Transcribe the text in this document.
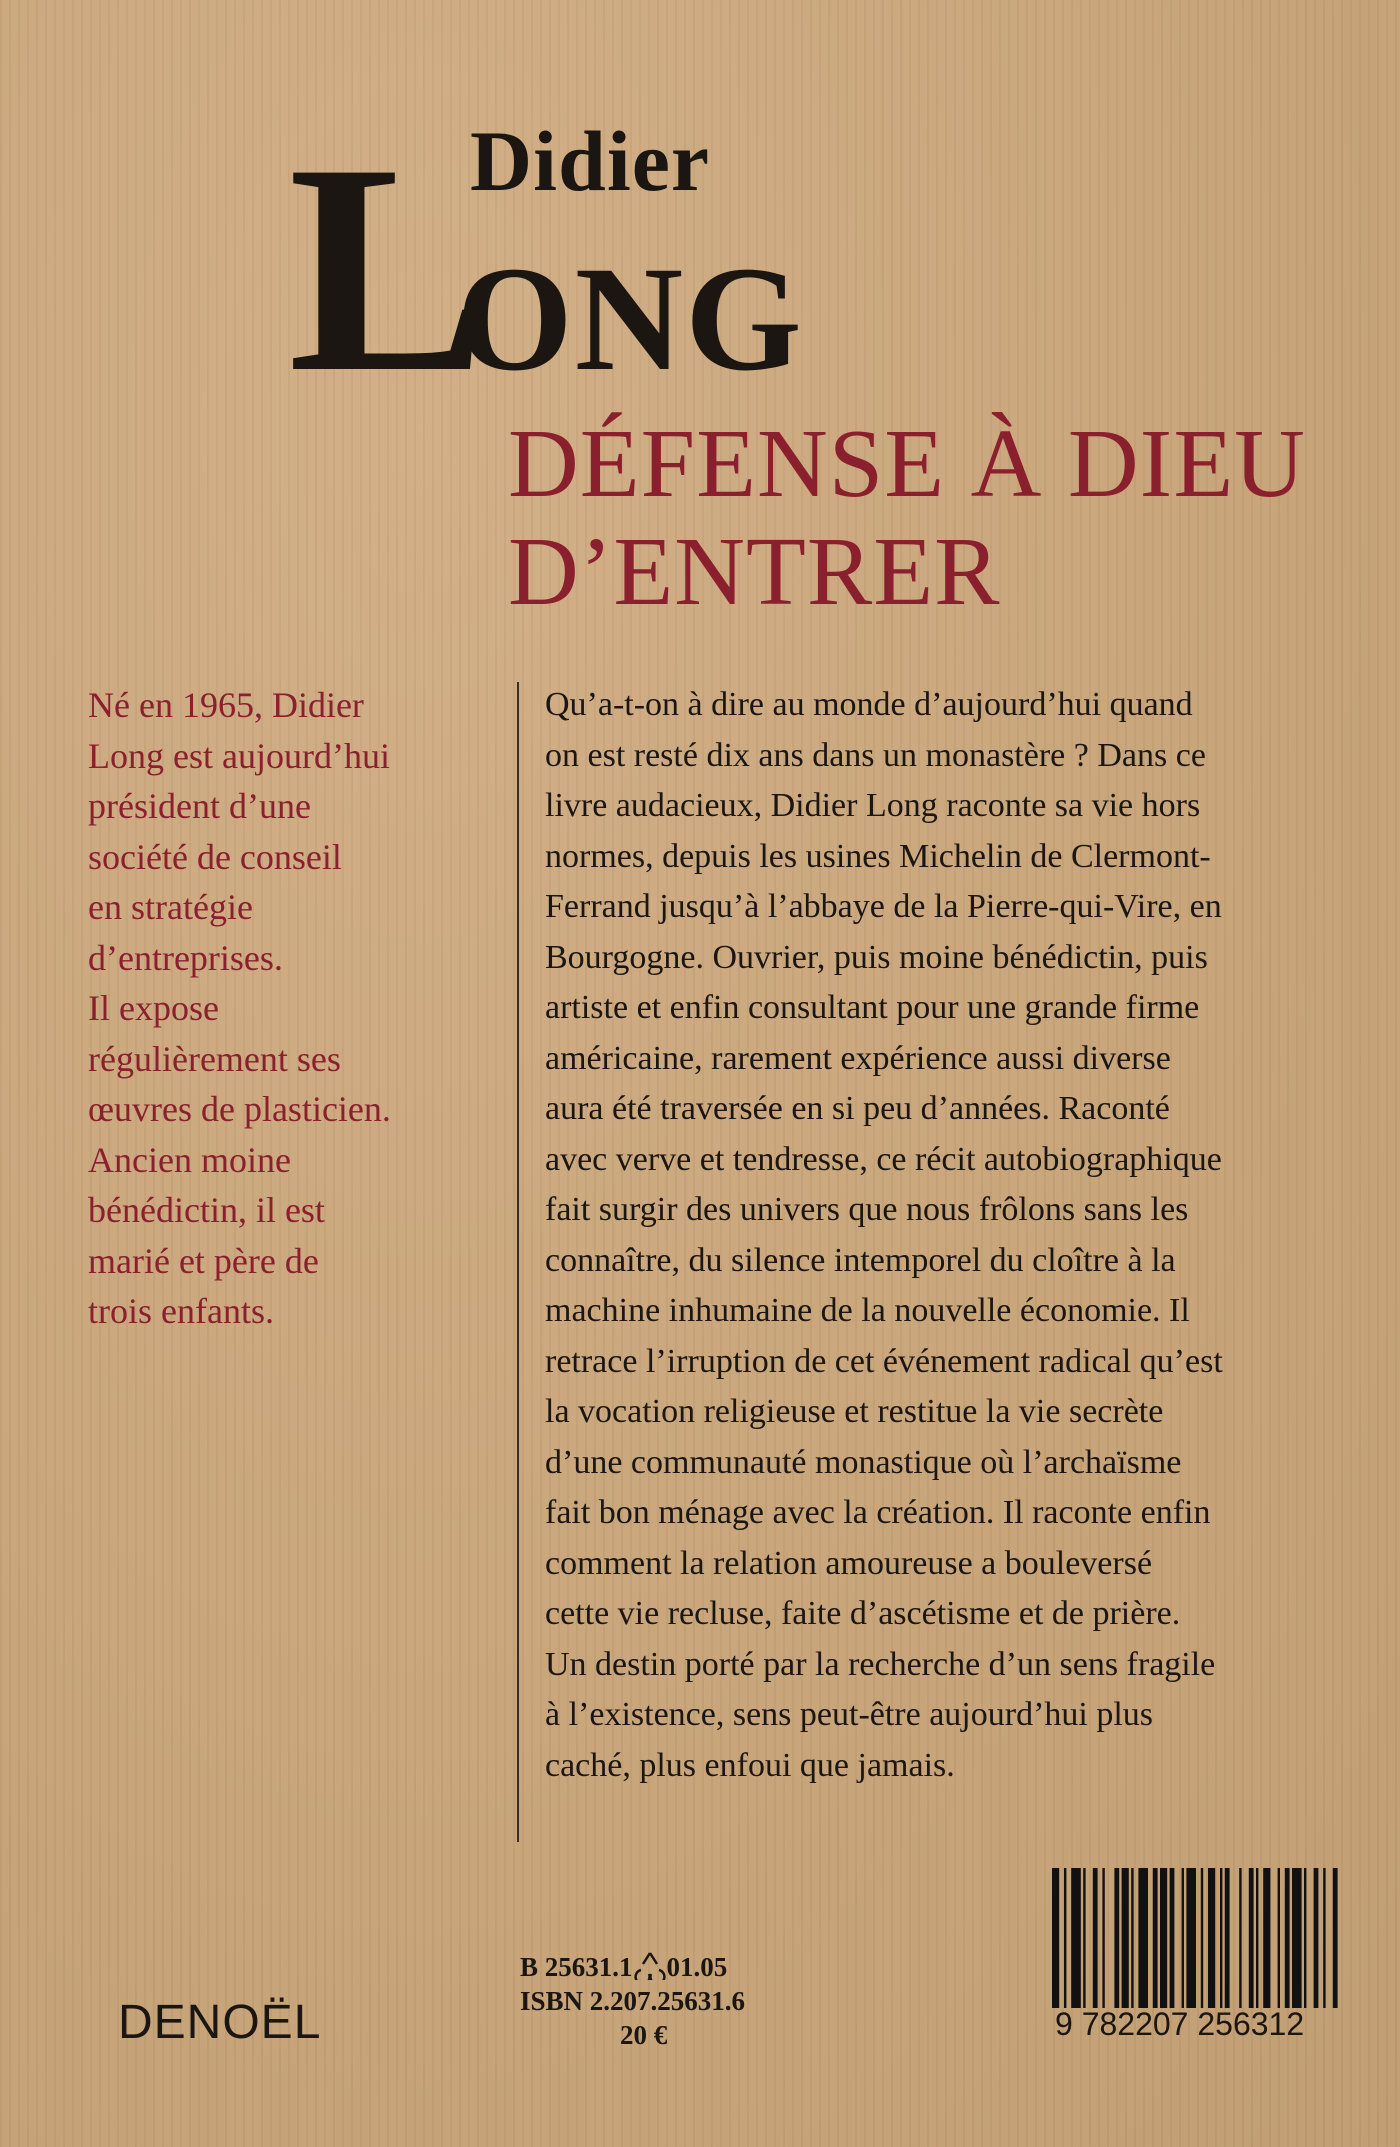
Didier
LONG
DÉFENSE À DIEU
D’ENTRER

Né en 1965, Didier

Long est aujourd’hui

président d’une

société de conseil

en stratégie

d’entreprises.

Il expose

régulièrement ses

œuvres de plasticien.

Ancien moine

bénédictin, il est

marié et père de

trois enfants.

Qu’a-t-on à dire au monde d’aujourd’hui quand

on est resté dix ans dans un monastère ? Dans ce

livre audacieux, Didier Long raconte sa vie hors

normes, depuis les usines Michelin de Clermont-

Ferrand jusqu’à l’abbaye de la Pierre-qui-Vire, en

Bourgogne. Ouvrier, puis moine bénédictin, puis

artiste et enfin consultant pour une grande firme

américaine, rarement expérience aussi diverse

aura été traversée en si peu d’années. Raconté

avec verve et tendresse, ce récit autobiographique

fait surgir des univers que nous frôlons sans les

connaître, du silence intemporel du cloître à la

machine inhumaine de la nouvelle économie. Il

retrace l’irruption de cet événement radical qu’est

la vocation religieuse et restitue la vie secrète

d’une communauté monastique où l’archaïsme

fait bon ménage avec la création. Il raconte enfin

comment la relation amoureuse a bouleversé

cette vie recluse, faite d’ascétisme et de prière.

Un destin porté par la recherche d’un sens fragile

à l’existence, sens peut-être aujourd’hui plus

caché, plus enfoui que jamais.

DENOËL
B 25631.1 01.05
ISBN 2.207.25631.6
20 €	9 782207 256312
